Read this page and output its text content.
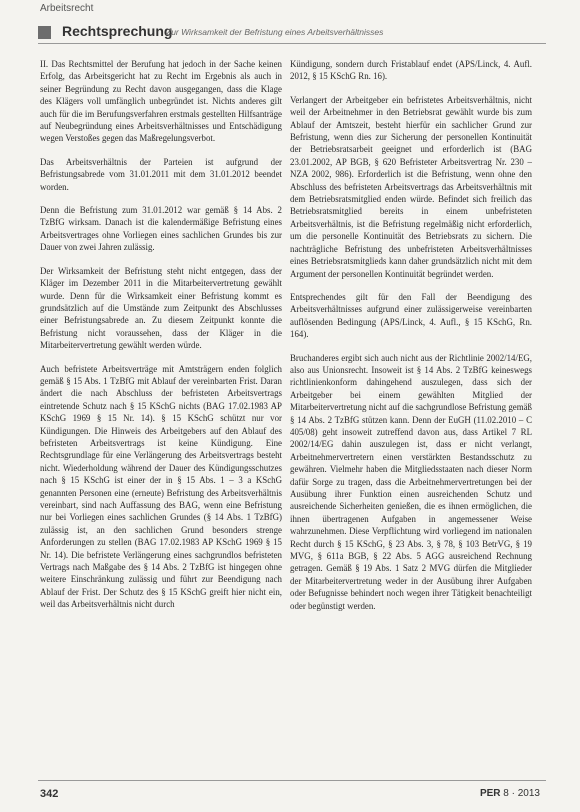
Arbeitsrecht
Rechtsprechung
Zur Wirksamkeit der Befristung eines Arbeitsverhältnisses

II. Das Rechtsmittel der Berufung hat jedoch in der Sache keinen Erfolg, das Arbeitsgericht hat zu Recht im Ergebnis als auch in seiner Begründung zu Recht davon ausgegangen, dass die Klage des Klägers voll umfänglich unbegründet ist. Nichts anderes gilt auch für die im Berufungsverfahren erstmals gestellten Hilfsanträge auf Neubegründung eines Arbeitsverhältnisses und Entschädigung wegen Verstoßes gegen das Maßregelungsverbot.

Das Arbeitsverhältnis der Parteien ist aufgrund der Befristungsabrede vom 31.01.2011 mit dem 31.01.2012 beendet worden.

Denn die Befristung zum 31.01.2012 war gemäß § 14 Abs. 2 TzBfG wirksam. Danach ist die kalendermäßige Befristung eines Arbeitsvertrages ohne Vorliegen eines sachlichen Grundes bis zur Dauer von zwei Jahren zulässig.

Der Wirksamkeit der Befristung steht nicht entgegen, dass der Kläger im Dezember 2011 in die Mitarbeitervertretung gewählt wurde. Denn für die Wirksamkeit einer Befristung kommt es grundsätzlich auf die Umstände zum Zeitpunkt des Abschlusses einer Befristungsabrede an. Zu diesem Zeitpunkt konnte die Befristung nicht voraussehen, dass der Kläger in die Mitarbeitervertretung gewählt werden würde.

Auch befristete Arbeitsverträge mit Amtsträgern enden folglich gemäß § 15 Abs. 1 TzBfG mit Ablauf der vereinbarten Frist. Daran ändert die nach Abschluss der befristeten Arbeitsvertrags eintretende Schutz nach § 15 KSchG nichts (BAG 17.02.1983 AP KSchG 1969 § 15 Nr. 14). § 15 KSchG schützt nur vor Kündigungen. Die Hinweis des Arbeitgebers auf den Ablauf des befristeten Arbeitsvertrags ist keine Kündigung. Eine Rechtsgrundlage für eine Verlängerung des Arbeitsvertrags besteht nicht. Wiederholdung während der Dauer des Kündigungsschutzes nach § 15 KSchG ist einer der in § 15 Abs. 1 – 3 a KSchG genannten Personen eine (erneute) Befristung des Arbeitsverhältnis vereinbart, sind nach Auffassung des BAG, wenn eine Befristung nur bei Vorliegen eines sachlichen Grundes (§ 14 Abs. 1 TzBfG) zulässig ist, an den sachlichen Grund besonders strenge Anforderungen zu stellen (BAG 17.02.1983 AP KSchG 1969 § 15 Nr. 14). Die befristete Verlängerung eines sachgrundlos befristeten Vertrags nach Maßgabe des § 14 Abs. 2 TzBfG ist hingegen ohne weitere Einschränkung zulässig und führt zur Beendigung nach Ablauf der Frist. Der Schutz des § 15 KSchG greift hier nicht ein, weil das Arbeitsverhältnis nicht durch

Kündigung, sondern durch Fristablauf endet (APS/Linck, 4. Aufl. 2012, § 15 KSchG Rn. 16).

Verlangert der Arbeitgeber ein befristetes Arbeitsverhältnis, nicht weil der Arbeitnehmer in den Betriebsrat gewählt wurde bis zum Ablauf der Amtszeit, besteht hierfür ein sachlicher Grund zur Befristung, wenn dies zur Sicherung der personellen Kontinuität der Betriebsratsarbeit geeignet und erforderlich ist (BAG 23.01.2002, AP BGB, § 620 Befristeter Arbeitsvertrag Nr. 230 – NZA 2002, 986). Erforderlich ist die Befristung, wenn ohne den Abschluss des befristeten Arbeitsvertrags das Arbeitsverhältnis mit dem Betriebsratsmitglied enden würde. Befindet sich freilich das Betriebsratsmitglied bereits in einem unbefristeten Arbeitsverhältnis, ist die Befristung regelmäßig nicht erforderlich, um die personelle Kontinuität des Betriebsrats zu sichern. Die nachträgliche Befristung des unbefristeten Arbeitsverhältnisses eines Betriebsratsmitglieds kann daher grundsätzlich nicht mit dem Argument der personellen Kontinuität begründet werden.

Entsprechendes gilt für den Fall der Beendigung des Arbeitsverhältnisses aufgrund einer zulässigerweise vereinbarten auflösenden Bedingung (APS/Linck, 4. Aufl., § 15 KSchG, Rn. 164).

Bruchanderes ergibt sich auch nicht aus der Richtlinie 2002/14/EG, also aus Unionsrecht. Insoweit ist § 14 Abs. 2 TzBfG keineswegs richtlinienkonform dahingehend auszulegen, dass sich der Arbeitgeber bei einem gewählten Mitglied der Mitarbeitervertretung nicht auf die sachgrundlose Befristung gemäß § 14 Abs. 2 TzBfG stützen kann. Denn der EuGH (11.02.2010 – C 405/08) geht insoweit zutreffend davon aus, dass Artikel 7 RL 2002/14/EG dahin auszulegen ist, dass er nicht verlangt, Arbeitnehmervertretern einen verstärkten Bestandsschutz zu gewähren. Vielmehr haben die Mitgliedsstaaten nach dieser Norm dafür Sorge zu tragen, dass die Arbeitnehmervertretungen bei der Ausübung ihrer Funktion einen ausreichenden Schutz und ausreichende Sicherheiten genießen, die es ihnen ermöglichen, die ihnen übertragenen Aufgaben in angemessener Weise wahrzunehmen. Diese Verpflichtung wird vorliegend im nationalen Recht durch § 15 KSchG, § 23 Abs. 3, § 78, § 103 BetrVG, § 19 MVG, § 611a BGB, § 22 Abs. 5 AGG ausreichend Rechnung getragen. Gemäß § 19 Abs. 1 Satz 2 MVG dürfen die Mitglieder der Mitarbeitervertretung weder in der Ausübung ihrer Aufgaben oder Befugnisse behindert noch wegen ihrer Tätigkeit benachteiligt oder begünstigt werden.

342	PER 8 · 2013
